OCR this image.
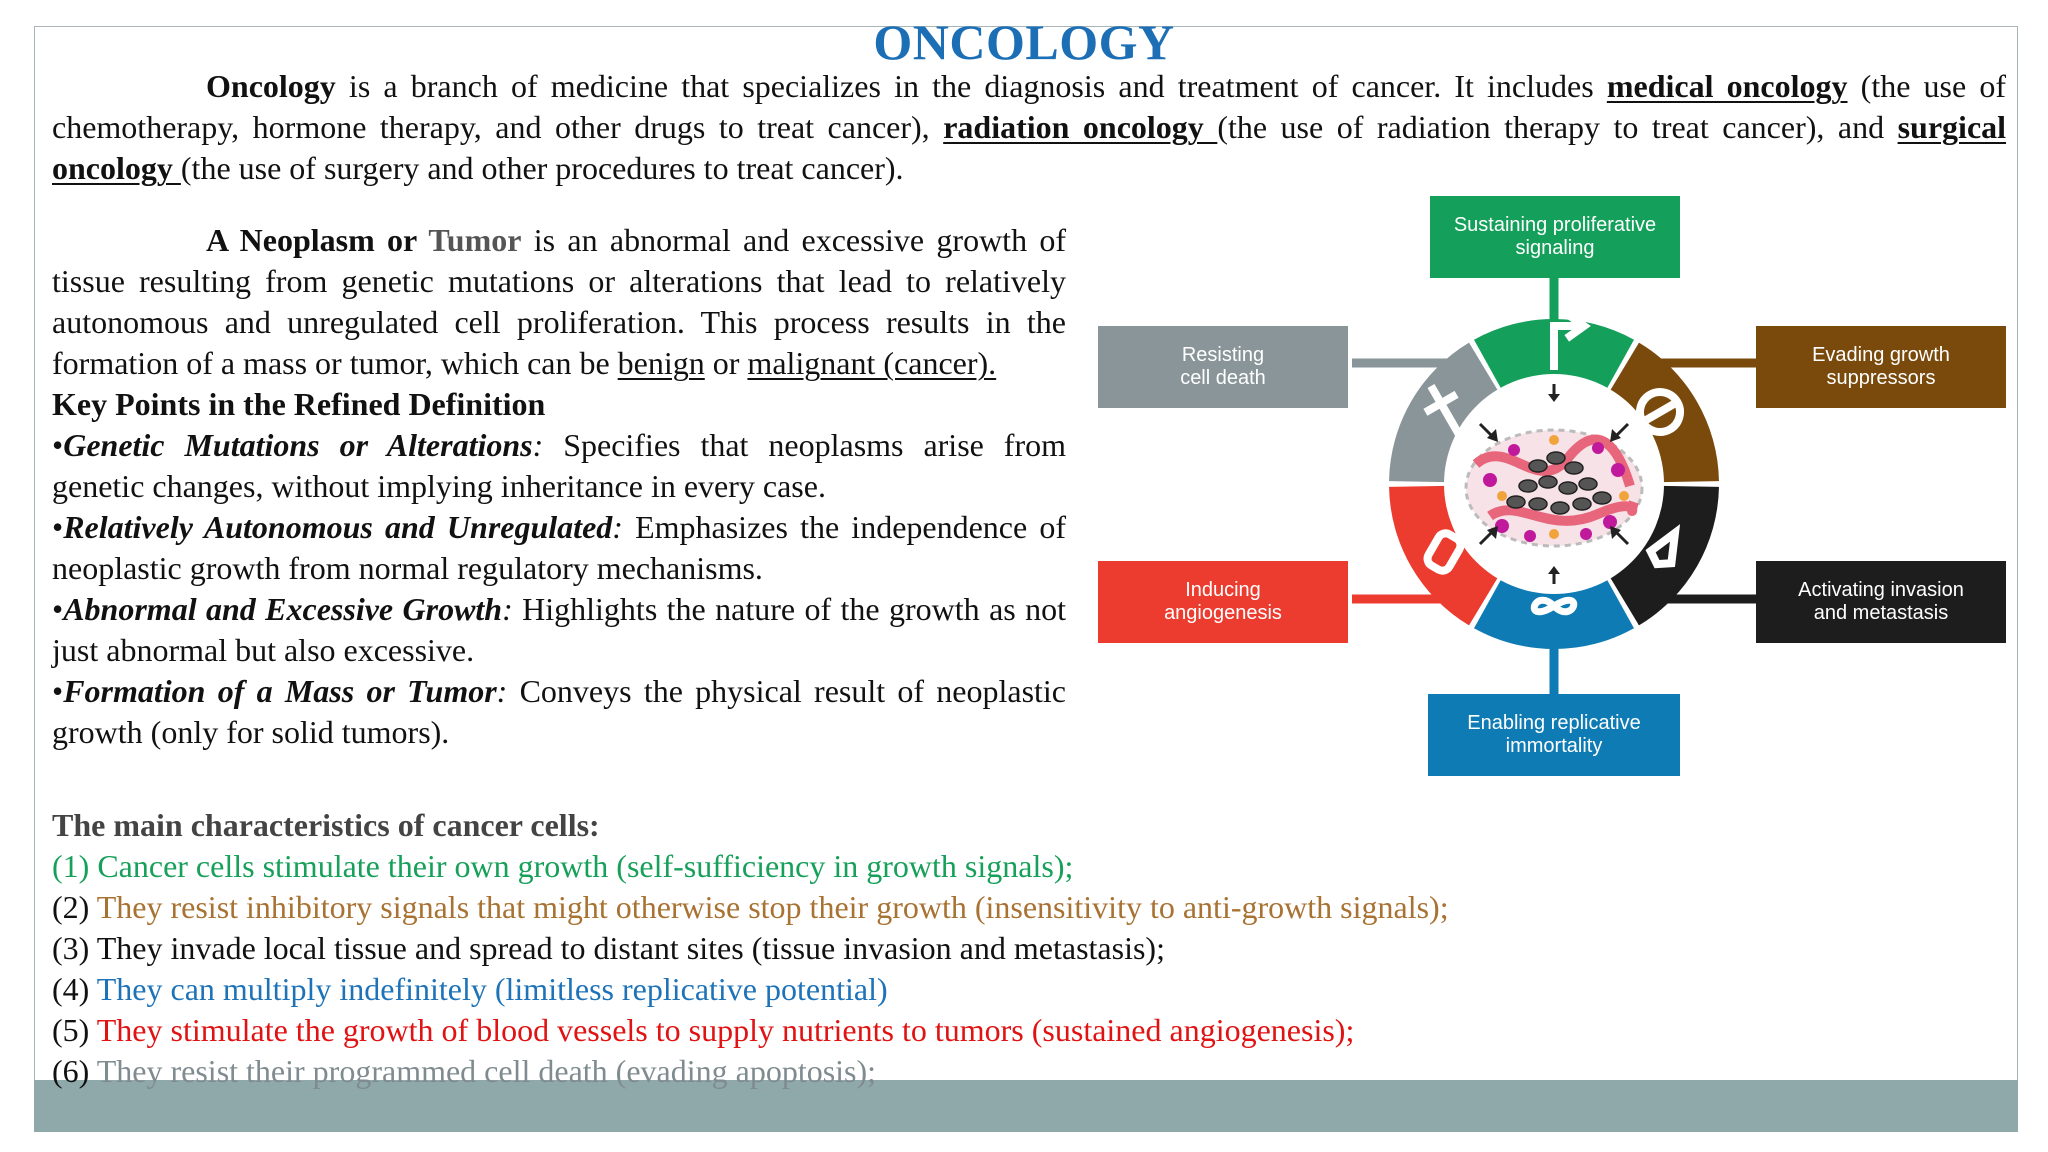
ONCOLOGY
Oncology is a branch of medicine that specializes in the diagnosis and treatment of cancer. It includes medical oncology (the use of chemotherapy, hormone therapy, and other drugs to treat cancer), radiation oncology (the use of radiation therapy to treat cancer), and surgical oncology (the use of surgery and other procedures to treat cancer).

A Neoplasm or Tumor is an abnormal and excessive growth of tissue resulting from genetic mutations or alterations that lead to relatively autonomous and unregulated cell proliferation. This process results in the formation of a mass or tumor, which can be benign or malignant (cancer).

Key Points in the Refined Definition

•Genetic Mutations or Alterations: Specifies that neoplasms arise from genetic changes, without implying inheritance in every case.

•Relatively Autonomous and Unregulated: Emphasizes the independence of neoplastic growth from normal regulatory mechanisms.

•Abnormal and Excessive Growth: Highlights the nature of the growth as not just abnormal but also excessive.

•Formation of a Mass or Tumor: Conveys the physical result of neoplastic growth (only for solid tumors).

The main characteristics of cancer cells:
(1) Cancer cells stimulate their own growth (self-sufficiency in growth signals);
(2) They resist inhibitory signals that might otherwise stop their growth (insensitivity to anti-growth signals);
(3) They invade local tissue and spread to distant sites (tissue invasion and metastasis);
(4) They can multiply indefinitely (limitless replicative potential)
(5) They stimulate the growth of blood vessels to supply nutrients to tumors (sustained angiogenesis);
(6) They resist their programmed cell death (evading apoptosis);
Sustaining proliferative
signaling
Resisting
cell death
Evading growth
suppressors
Inducing
angiogenesis
Activating invasion
and metastasis
Enabling replicative
immortality
